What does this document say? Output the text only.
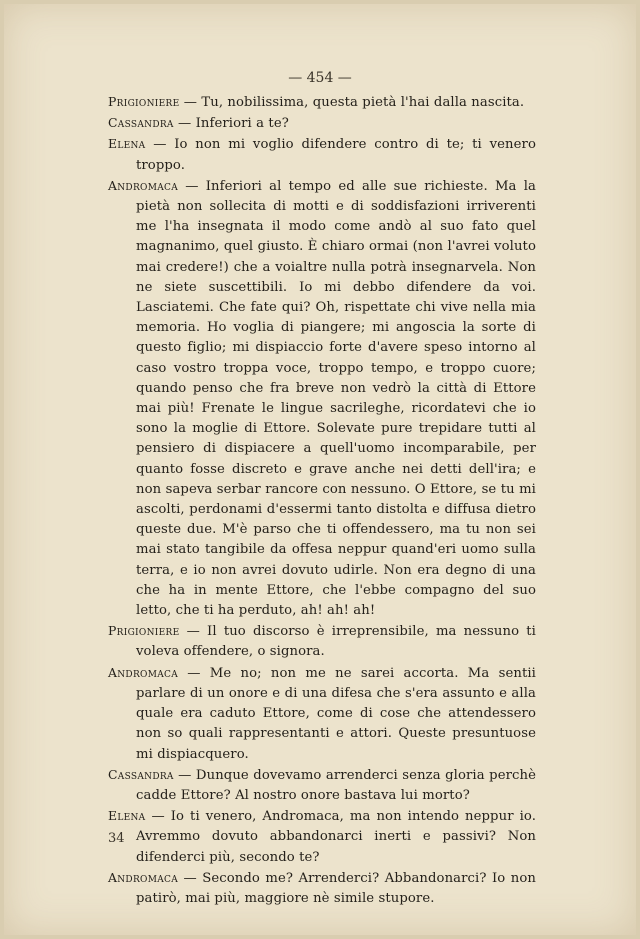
— 454 —

Prigioniere — Tu, nobilissima, questa pietà l'hai dalla nascita.

Cassandra — Inferiori a te?

Elena — Io non mi voglio difendere contro di te; ti venero troppo.

Andromaca — Inferiori al tempo ed alle sue richieste. Ma la pietà non sollecita di motti e di soddisfazioni irriverenti me l'ha insegnata il modo come andò al suo fato quel magnanimo, quel giusto. È chiaro ormai (non l'avrei voluto mai credere!) che a voialtre nulla potrà insegnarvela. Non ne siete suscettibili. Io mi debbo difendere da voi. Lasciatemi. Che fate qui? Oh, rispettate chi vive nella mia memoria. Ho voglia di piangere; mi angoscia la sorte di questo figlio; mi dispiaccio forte d'avere speso intorno al caso vostro troppa voce, troppo tempo, e troppo cuore; quando penso che fra breve non vedrò la città di Ettore mai più! Frenate le lingue sacrileghe, ricordatevi che io sono la moglie di Ettore. Solevate pure trepidare tutti al pensiero di dispiacere a quell'uomo incomparabile, per quanto fosse discreto e grave anche nei detti dell'ira; e non sapeva serbar rancore con nessuno. O Ettore, se tu mi ascolti, perdonami d'essermi tanto distolta e diffusa dietro queste due. M'è parso che ti offendessero, ma tu non sei mai stato tangibile da offesa neppur quand'eri uomo sulla terra, e io non avrei dovuto udirle. Non era degno di una che ha in mente Ettore, che l'ebbe compagno del suo letto, che ti ha perduto, ah! ah! ah!

Prigioniere — Il tuo discorso è irreprensibile, ma nessuno ti voleva offendere, o signora.

Andromaca — Me no; non me ne sarei accorta. Ma sentii parlare di un onore e di una difesa che s'era assunto e alla quale era caduto Ettore, come di cose che attendessero non so quali rappresentanti e attori. Queste presuntuose mi dispiacquero.

Cassandra — Dunque dovevamo arrenderci senza gloria perchè cadde Ettore? Al nostro onore bastava lui morto?

Elena — Io ti venero, Andromaca, ma non intendo neppur io. Avremmo dovuto abbandonarci inerti e passivi? Non difenderci più, secondo te?

Andromaca — Secondo me? Arrenderci? Abbandonarci? Io non patirò, mai più, maggiore nè simile stupore.

34
